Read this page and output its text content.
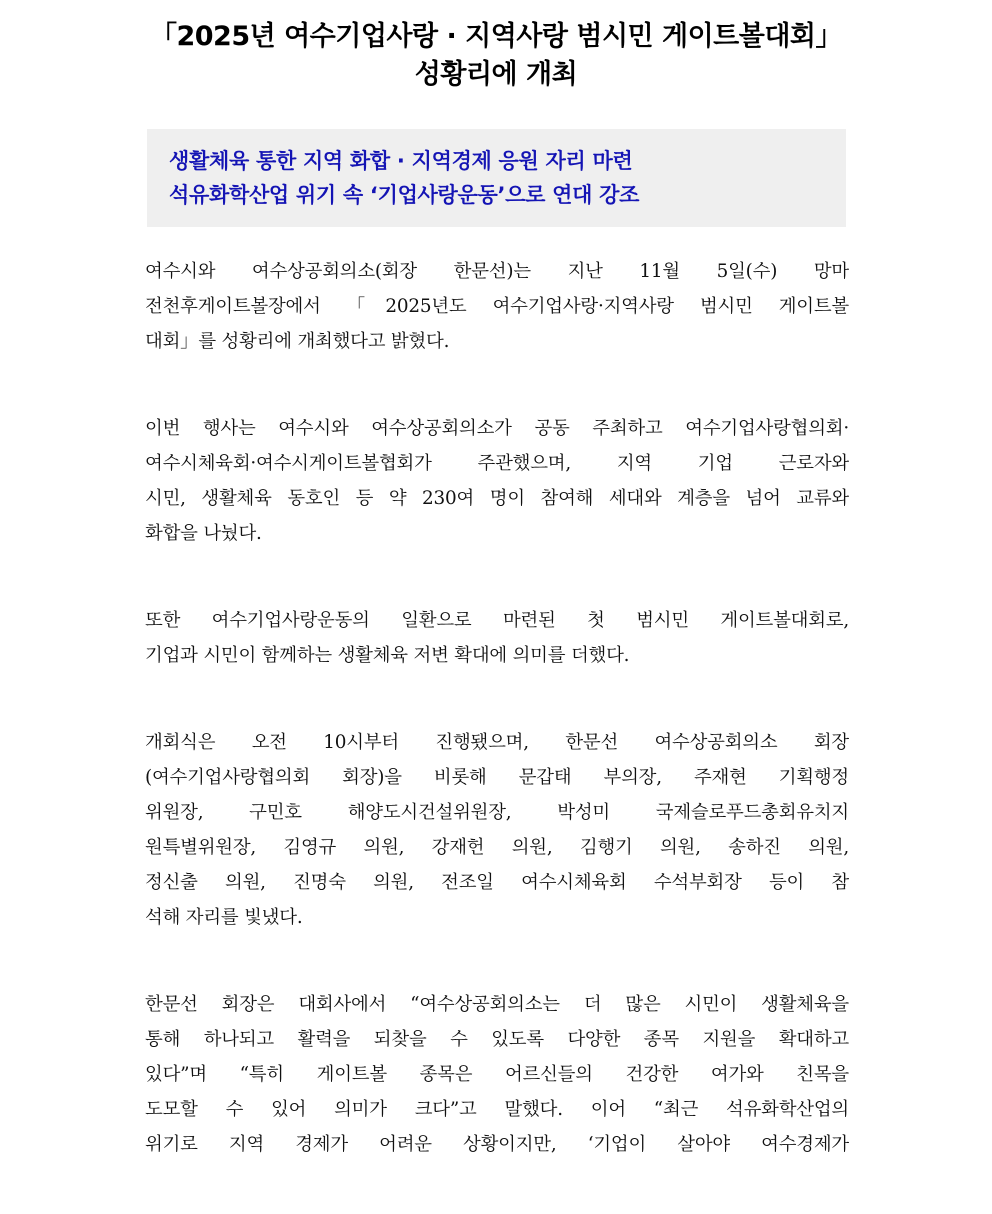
「2025년 여수기업사랑 · 지역사랑 범시민 게이트볼대회」
성황리에 개최
생활체육 통한 지역 화합 · 지역경제 응원 자리 마련
석유화학산업 위기 속 ‘기업사랑운동’으로 연대 강조
여수시와 여수상공회의소(회장 한문선)는 지난 11월 5일(수) 망마
전천후게이트볼장에서 「2025년도 여수기업사랑·지역사랑 범시민 게이트볼
대회」를 성황리에 개최했다고 밝혔다.
이번 행사는 여수시와 여수상공회의소가 공동 주최하고 여수기업사랑협의회·
여수시체육회·여수시게이트볼협회가 주관했으며, 지역 기업 근로자와
시민, 생활체육 동호인 등 약 230여 명이 참여해 세대와 계층을 넘어 교류와
화합을 나눴다.
또한 여수기업사랑운동의 일환으로 마련된 첫 범시민 게이트볼대회로,
기업과 시민이 함께하는 생활체육 저변 확대에 의미를 더했다.
개회식은 오전 10시부터 진행됐으며, 한문선 여수상공회의소 회장
(여수기업사랑협의회 회장)을 비롯해 문갑태 부의장, 주재현 기획행정
위원장, 구민호 해양도시건설위원장, 박성미 국제슬로푸드총회유치지
원특별위원장, 김영규 의원, 강재헌 의원, 김행기 의원, 송하진 의원,
정신출 의원, 진명숙 의원, 전조일 여수시체육회 수석부회장 등이 참
석해 자리를 빛냈다.
한문선 회장은 대회사에서 “여수상공회의소는 더 많은 시민이 생활체육을
통해 하나되고 활력을 되찾을 수 있도록 다양한 종목 지원을 확대하고
있다”며 “특히 게이트볼 종목은 어르신들의 건강한 여가와 친목을
도모할 수 있어 의미가 크다”고 말했다. 이어 “최근 석유화학산업의
위기로 지역 경제가 어려운 상황이지만, ‘기업이 살아야 여수경제가
